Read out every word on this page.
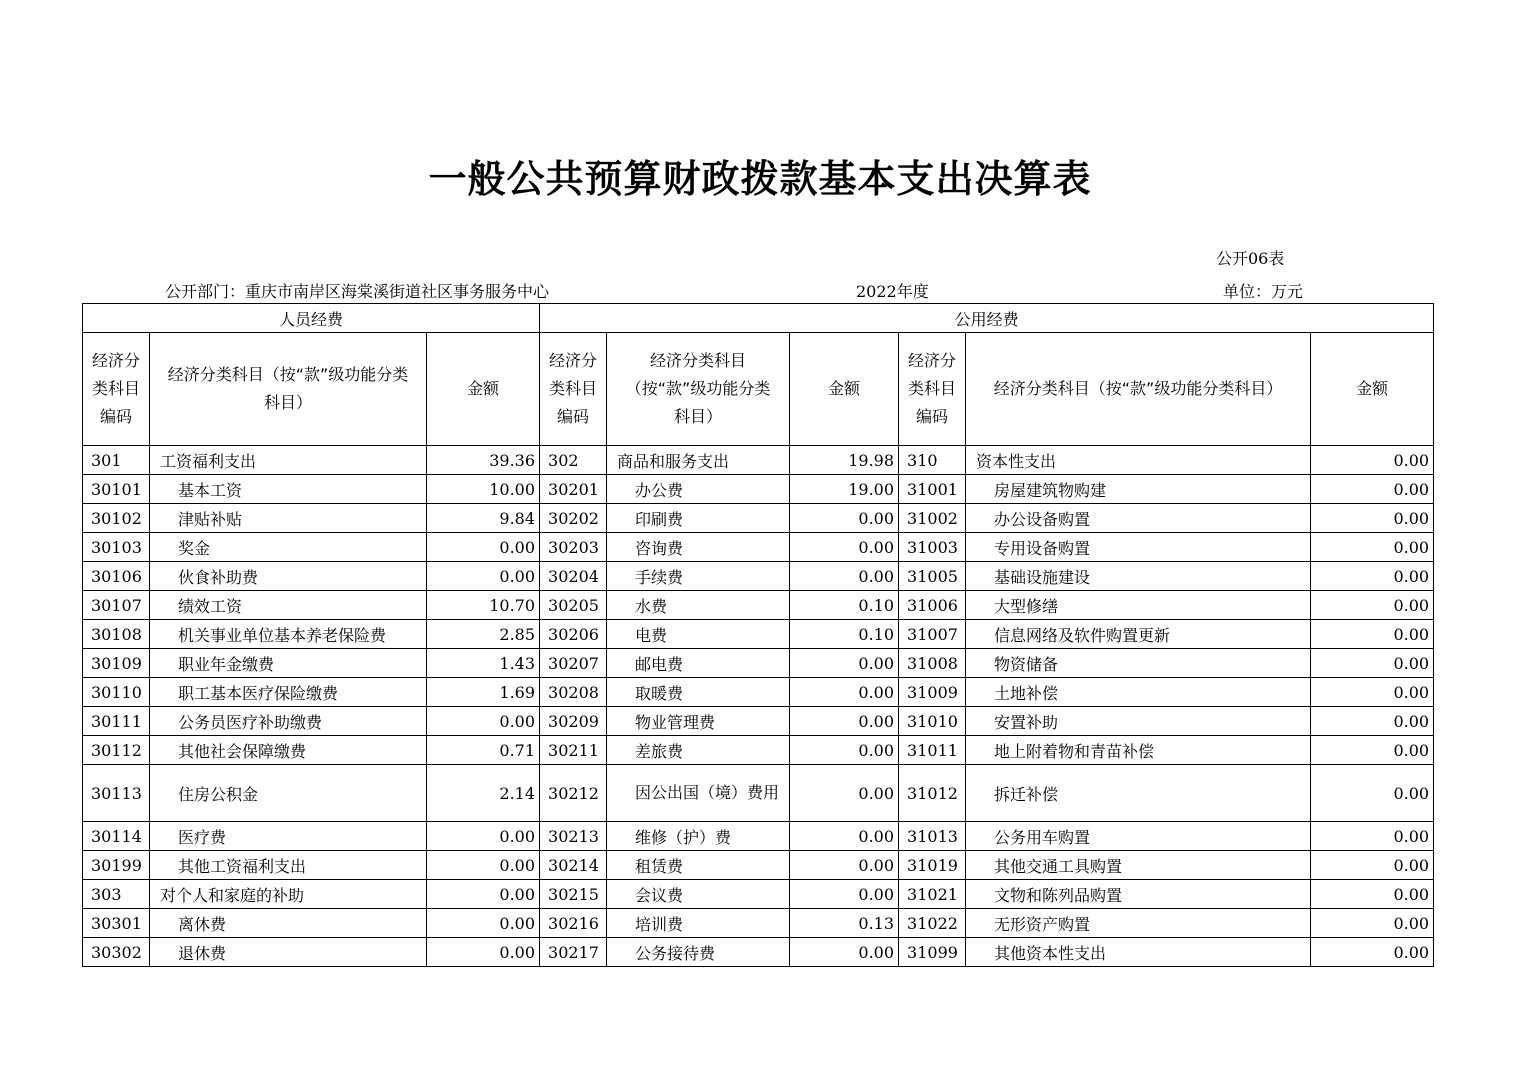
一般公共预算财政拨款基本支出决算表
公开06表
公开部门：重庆市南岸区海棠溪街道社区事务服务中心	2022年度	单位：万元
人员经费			公用经费					
经济分类科目编码	经济分类科目（按“款”级功能分类科目）	金额	经济分类科目编码	经济分类科目（按“款”级功能分类科目）	金额	经济分类科目编码	经济分类科目（按“款”级功能分类科目）	金额
301	工资福利支出	39.36	302	商品和服务支出	19.98	310	资本性支出	0.00
30101	基本工资	10.00	30201	办公费	19.00	31001	房屋建筑物购建	0.00
30102	津贴补贴	9.84	30202	印刷费	0.00	31002	办公设备购置	0.00
30103	奖金	0.00	30203	咨询费	0.00	31003	专用设备购置	0.00
30106	伙食补助费	0.00	30204	手续费	0.00	31005	基础设施建设	0.00
30107	绩效工资	10.70	30205	水费	0.10	31006	大型修缮	0.00
30108	机关事业单位基本养老保险费	2.85	30206	电费	0.10	31007	信息网络及软件购置更新	0.00
30109	职业年金缴费	1.43	30207	邮电费	0.00	31008	物资储备	0.00
30110	职工基本医疗保险缴费	1.69	30208	取暖费	0.00	31009	土地补偿	0.00
30111	公务员医疗补助缴费	0.00	30209	物业管理费	0.00	31010	安置补助	0.00
30112	其他社会保障缴费	0.71	30211	差旅费	0.00	31011	地上附着物和青苗补偿	0.00
30113	住房公积金	2.14	30212	因公出国（境）费用	0.00	31012	拆迁补偿	0.00
30114	医疗费	0.00	30213	维修（护）费	0.00	31013	公务用车购置	0.00
30199	其他工资福利支出	0.00	30214	租赁费	0.00	31019	其他交通工具购置	0.00
303	对个人和家庭的补助	0.00	30215	会议费	0.00	31021	文物和陈列品购置	0.00
30301	离休费	0.00	30216	培训费	0.13	31022	无形资产购置	0.00
30302	退休费	0.00	30217	公务接待费	0.00	31099	其他资本性支出	0.00
